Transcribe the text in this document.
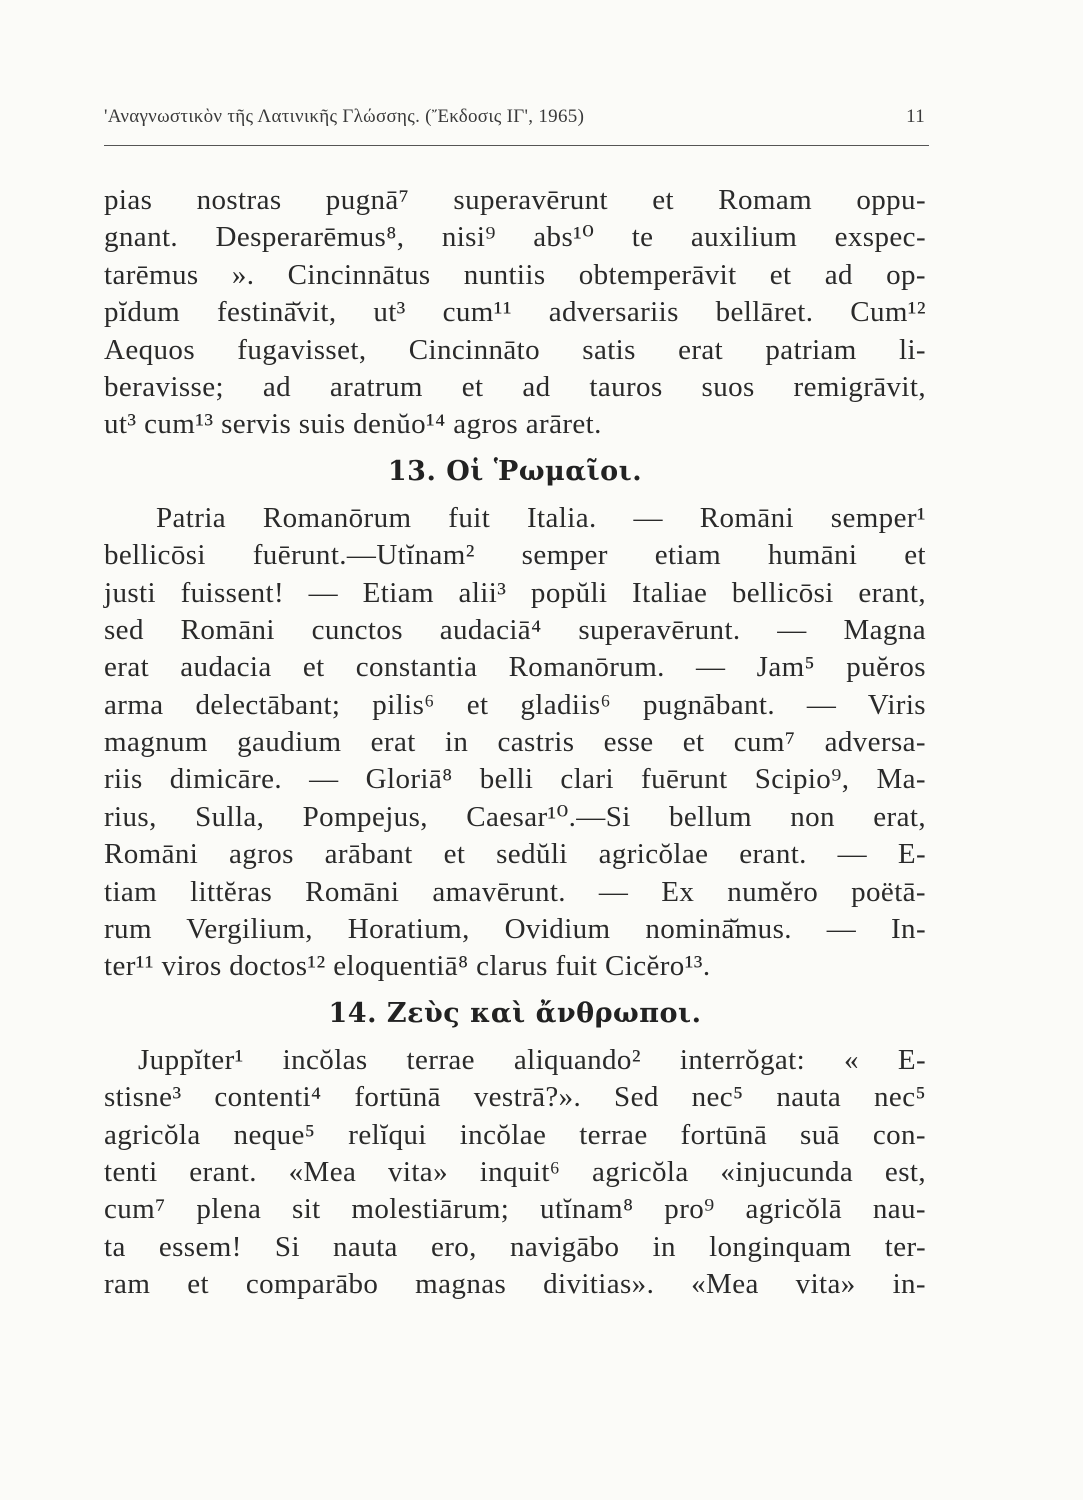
'Αναγνωστικὸν τῆς Λατινικῆς Γλώσσης. (Ἔκδοσις ΙΓ', 1965)	11
pias nostras pugnā⁷ superavērunt et Romam oppu-
gnant. Desperarēmus⁸, nisi⁹ abs¹⁰ te auxilium exspec-
tarēmus ». Cincinnātus nuntiis obtemperāvit et ad op-
pĭdum festinā̆vit, ut³ cum¹¹ adversariis bellāret. Cum¹²
Aequos fugavisset, Cincinnāto satis erat patriam li-
beravisse; ad aratrum et ad tauros suos remigrāvit,
ut³ cum¹³ servis suis denŭo¹⁴ agros arāret.
13. Οἱ Ῥωμαῖοι.
Patria Romanōrum fuit Italia. — Romāni semper¹
bellicōsi fuērunt.—Utĭnam² semper etiam humāni et
justi fuissent! — Etiam alii³ popŭli Italiae bellicōsi erant,
sed Romāni cunctos audaciā⁴ superavērunt. — Magna
erat audacia et constantia Romanōrum. — Jam⁵ puĕros
arma delectābant; pilis⁶ et gladiis⁶ pugnābant. — Viris
magnum gaudium erat in castris esse et cum⁷ adversa-
riis dimicāre. — Gloriā⁸ belli clari fuērunt Scipio⁹, Ma-
rius, Sulla, Pompejus, Caesar¹⁰.—Si bellum non erat,
Romāni agros arābant et sedŭli agricŏlae erant. — E-
tiam littĕras Romāni amavērunt. — Ex numĕro poëtā-
rum Vergilium, Horatium, Ovidium nominā̆mus. — In-
ter¹¹ viros doctos¹² eloquentiā⁸ clarus fuit Cicĕro¹³.
14. Ζεὺς καὶ ἄνθρωποι.
Juppĭter¹ incŏlas terrae aliquando² interrŏgat: « E-
stisne³ contenti⁴ fortūnā vestrā?». Sed nec⁵ nauta nec⁵
agricŏla neque⁵ relĭqui incŏlae terrae fortūnā suā con-
tenti erant. «Mea vita» inquit⁶ agricŏla «injucunda est,
cum⁷ plena sit molestiārum; utĭnam⁸ pro⁹ agricŏlā nau-
ta essem! Si nauta ero, navigābo in longinquam ter-
ram et comparābo magnas divitias». «Mea vita» in-
